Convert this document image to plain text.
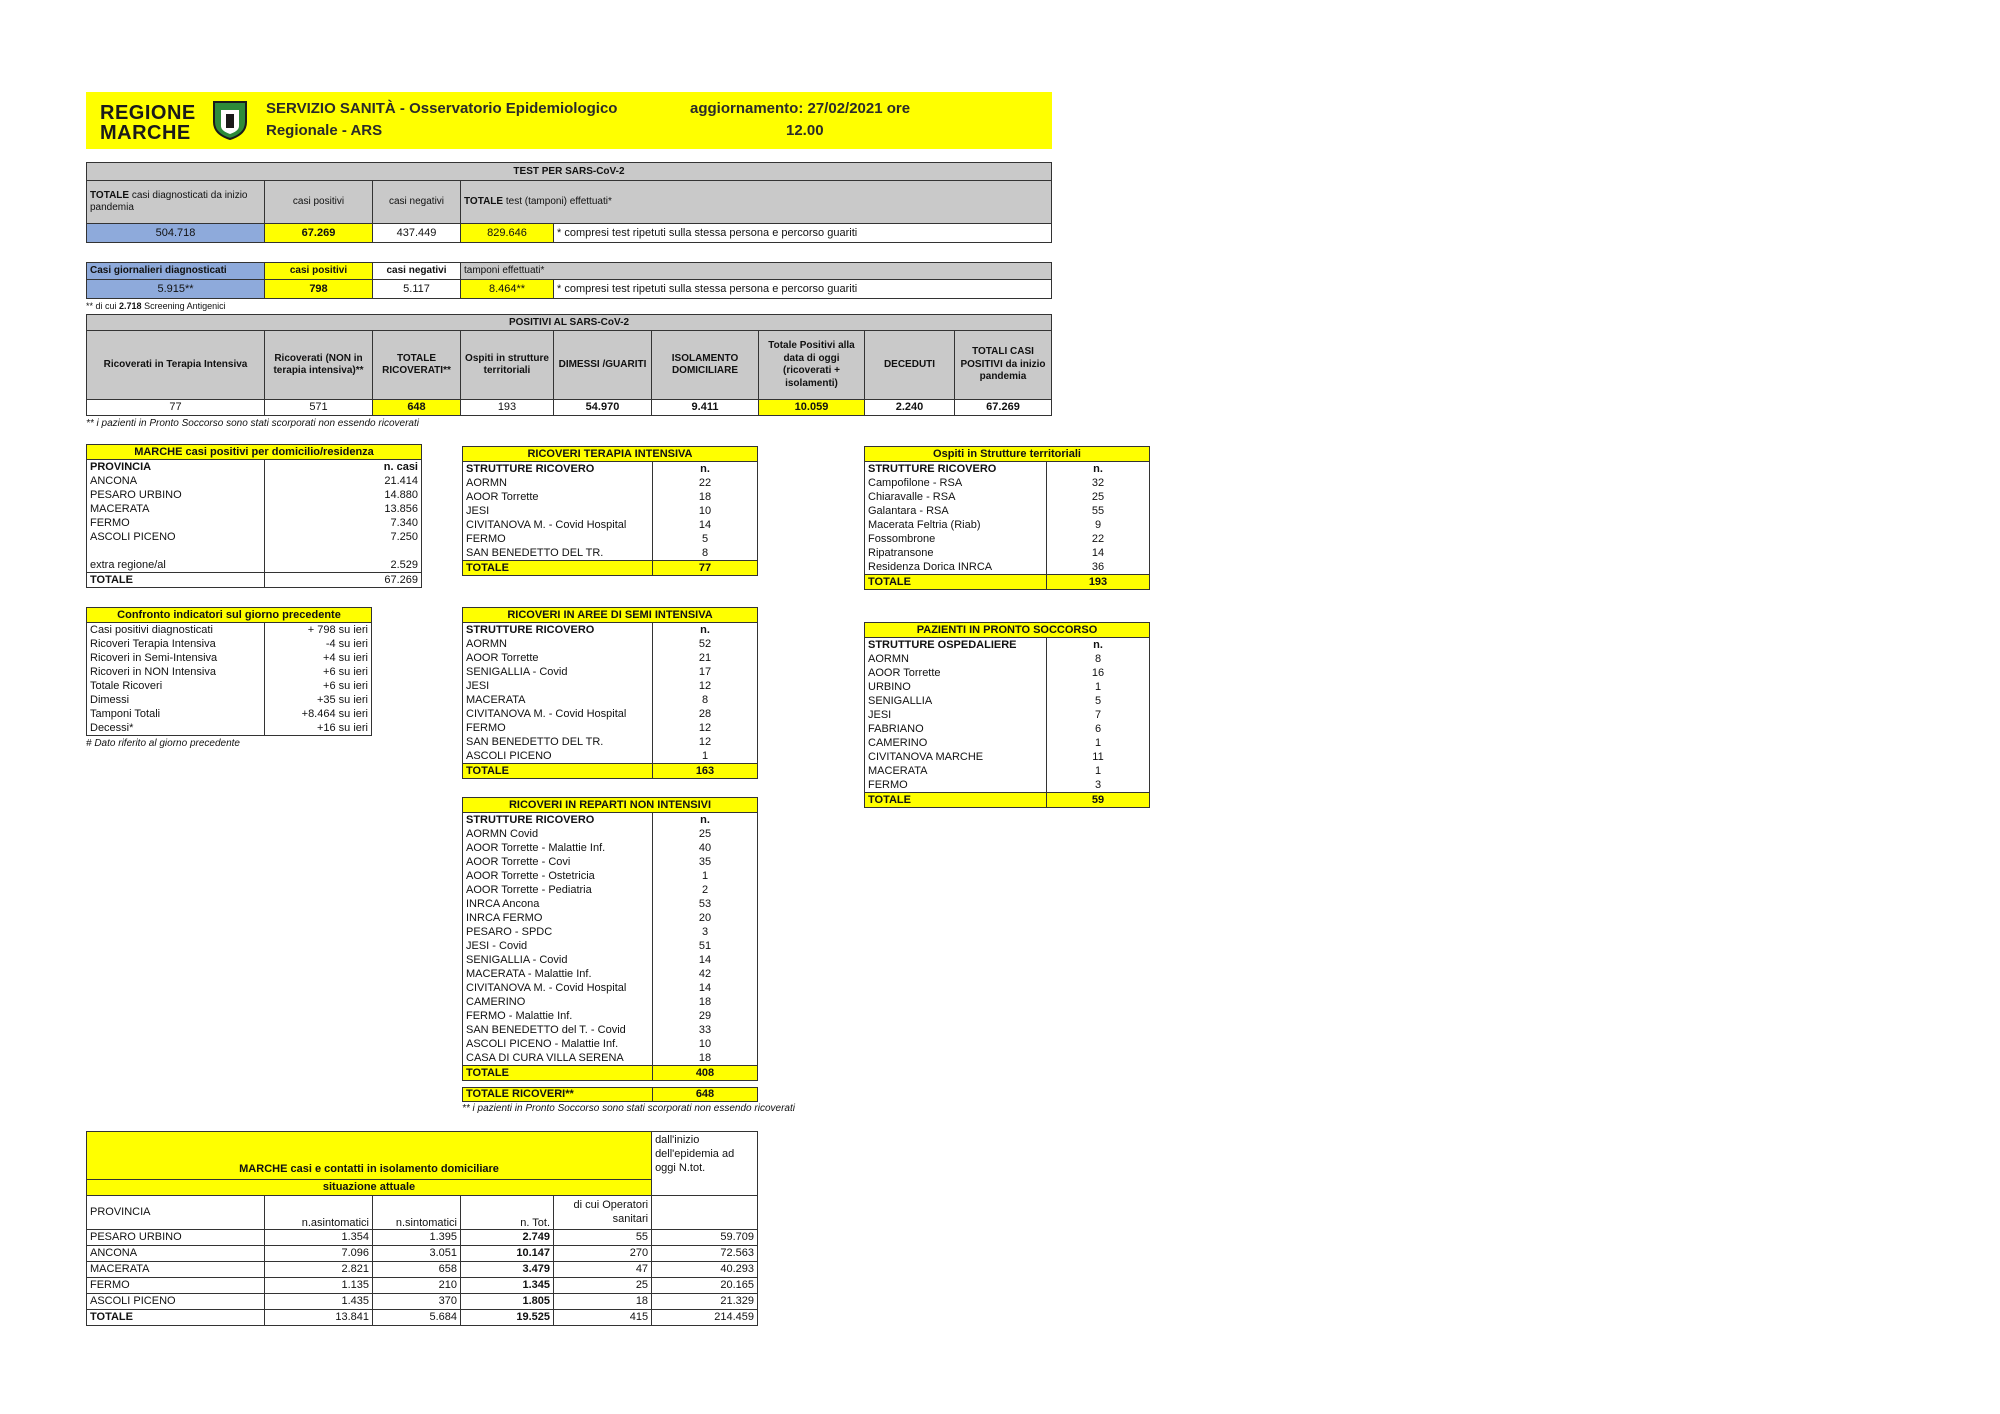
REGIONE
MARCHE
SERVIZIO SANITÀ - Osservatorio Epidemiologico
Regionale - ARS
aggiornamento: 27/02/2021 ore
12.00
TEST PER SARS-CoV-2				
TOTALE casi diagnosticati da inizio pandemia	casi positivi	casi negativi	TOTALE test (tamponi) effettuati*	
504.718	67.269	437.449	829.646	* compresi test ripetuti sulla stessa persona e percorso guariti
Casi giornalieri diagnosticati	casi positivi	casi negativi	tamponi effettuati*	
5.915**	798	5.117	8.464**	* compresi test ripetuti sulla stessa persona e percorso guariti
** di cui 2.718 Screening Antigenici
POSITIVI AL SARS-CoV-2								
Ricoverati in Terapia Intensiva	Ricoverati (NON in terapia intensiva)**	TOTALE RICOVERATI**	Ospiti in strutture territoriali	DIMESSI /GUARITI	ISOLAMENTO DOMICILIARE	Totale Positivi alla data di oggi (ricoverati + isolamenti)	DECEDUTI	TOTALI CASI POSITIVI da inizio pandemia
77	571	648	193	54.970	9.411	10.059	2.240	67.269
** i pazienti in Pronto Soccorso sono stati scorporati non essendo ricoverati
MARCHE casi positivi per domicilio/residenza	
PROVINCIA	n. casi
ANCONA	21.414
PESARO URBINO	14.880
MACERATA	13.856
FERMO	7.340
ASCOLI PICENO	7.250

extra regione/al	2.529
TOTALE	67.269
Confronto indicatori sul giorno precedente	
Casi positivi diagnosticati	+ 798 su ieri
Ricoveri Terapia Intensiva	-4 su ieri
Ricoveri in Semi-Intensiva	+4 su ieri
Ricoveri in NON Intensiva	+6 su ieri
Totale Ricoveri	+6 su ieri
Dimessi	+35 su ieri
Tamponi Totali	+8.464 su ieri
Decessi*	+16 su ieri
# Dato riferito al giorno precedente
RICOVERI TERAPIA INTENSIVA	
STRUTTURE RICOVERO	n.
AORMN	22
AOOR Torrette	18
JESI	10
CIVITANOVA M. - Covid Hospital	14
FERMO	5
SAN BENEDETTO DEL TR.	8
TOTALE	77
RICOVERI IN AREE DI SEMI INTENSIVA	
STRUTTURE RICOVERO	n.
AORMN	52
AOOR Torrette	21
SENIGALLIA - Covid	17
JESI	12
MACERATA	8
CIVITANOVA M. - Covid Hospital	28
FERMO	12
SAN BENEDETTO DEL TR.	12
ASCOLI PICENO	1
TOTALE	163
RICOVERI IN REPARTI NON INTENSIVI	
STRUTTURE RICOVERO	n.
AORMN Covid	25
AOOR Torrette - Malattie Inf.	40
AOOR Torrette - Covi	35
AOOR Torrette - Ostetricia	1
AOOR Torrette - Pediatria	2
INRCA Ancona	53
INRCA FERMO	20
PESARO - SPDC	3
JESI - Covid	51
SENIGALLIA - Covid	14
MACERATA - Malattie Inf.	42
CIVITANOVA M. - Covid Hospital	14
CAMERINO	18
FERMO - Malattie Inf.	29
SAN BENEDETTO del T. - Covid	33
ASCOLI PICENO - Malattie Inf.	10
CASA DI CURA VILLA SERENA	18
TOTALE	408
TOTALE RICOVERI**	648
** i pazienti in Pronto Soccorso sono stati scorporati non essendo ricoverati
Ospiti in Strutture territoriali	
STRUTTURE RICOVERO	n.
Campofilone - RSA	32
Chiaravalle - RSA	25
Galantara - RSA	55
Macerata Feltria (Riab)	9
Fossombrone	22
Ripatransone	14
Residenza Dorica INRCA	36
TOTALE	193
PAZIENTI IN PRONTO SOCCORSO	
STRUTTURE OSPEDALIERE	n.
AORMN	8
AOOR Torrette	16
URBINO	1
SENIGALLIA	5
JESI	7
FABRIANO	6
CAMERINO	1
CIVITANOVA MARCHE	11
MACERATA	1
FERMO	3
TOTALE	59
MARCHE casi e contatti in isolamento domiciliare					dall'inizio dell'epidemia ad oggi N.tot.
situazione attuale					
PROVINCIA	n.asintomatici	n.sintomatici	n. Tot.	di cui Operatori sanitari	
PESARO URBINO	1.354	1.395	2.749	55	59.709
ANCONA	7.096	3.051	10.147	270	72.563
MACERATA	2.821	658	3.479	47	40.293
FERMO	1.135	210	1.345	25	20.165
ASCOLI PICENO	1.435	370	1.805	18	21.329
TOTALE	13.841	5.684	19.525	415	214.459
